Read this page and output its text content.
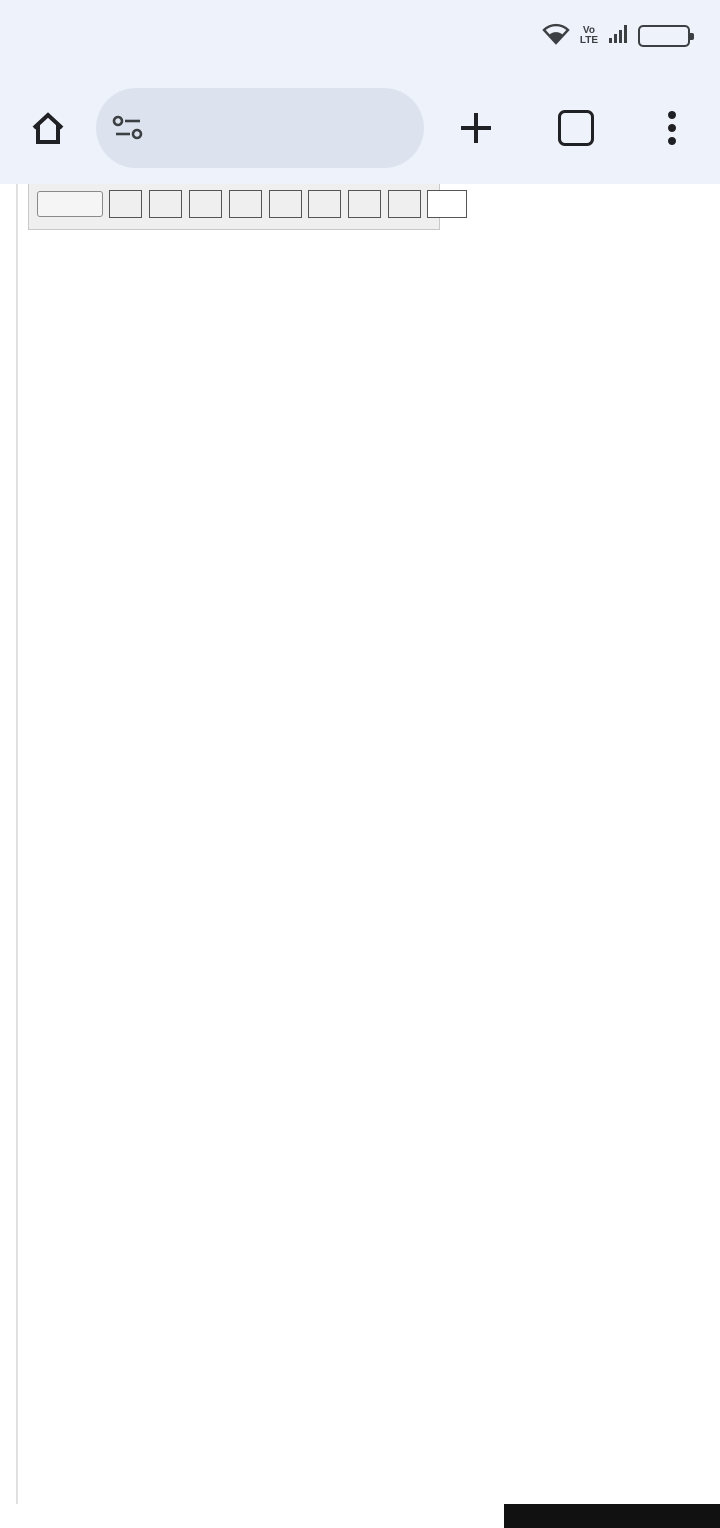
Vo
LTE
